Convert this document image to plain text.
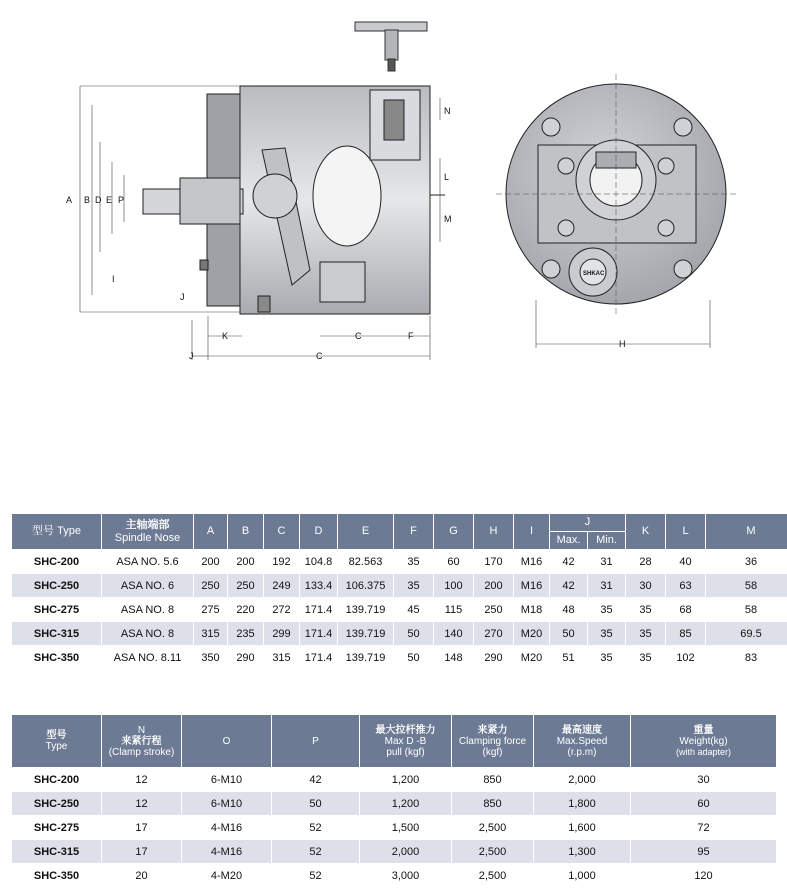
A B D E P
I
J
N
L
M
K	C	F
J	C
H
SHKAC
型号 Type	主轴端部
Spindle Nose	A	B	C	D	E	F	G	H	I	J		K	L	M
											Max.	Min.			
SHC-200	ASA NO. 5.6	200	200	192	104.8	82.563	35	60	170	M16	42	31	28	40	36
SHC-250	ASA NO. 6	250	250	249	133.4	106.375	35	100	200	M16	42	31	30	63	58
SHC-275	ASA NO. 8	275	220	272	171.4	139.719	45	115	250	M18	48	35	35	68	58
SHC-315	ASA NO. 8	315	235	299	171.4	139.719	50	140	270	M20	50	35	35	85	69.5
SHC-350	ASA NO. 8.11	350	290	315	171.4	139.719	50	148	290	M20	51	35	35	102	83
型号
Type	N
来紧行程
(Clamp stroke)	O	P	最大拉杆推力
Max D -B
pull (kgf)	来紧力
Clamping force
(kgf)	最高速度
Max.Speed
(r.p.m)	重量
Weight(kg)
(with adapter)
SHC-200	12	6-M10	42	1,200	850	2,000	30
SHC-250	12	6-M10	50	1,200	850	1,800	60
SHC-275	17	4-M16	52	1,500	2,500	1,600	72
SHC-315	17	4-M16	52	2,000	2,500	1,300	95
SHC-350	20	4-M20	52	3,000	2,500	1,000	120
